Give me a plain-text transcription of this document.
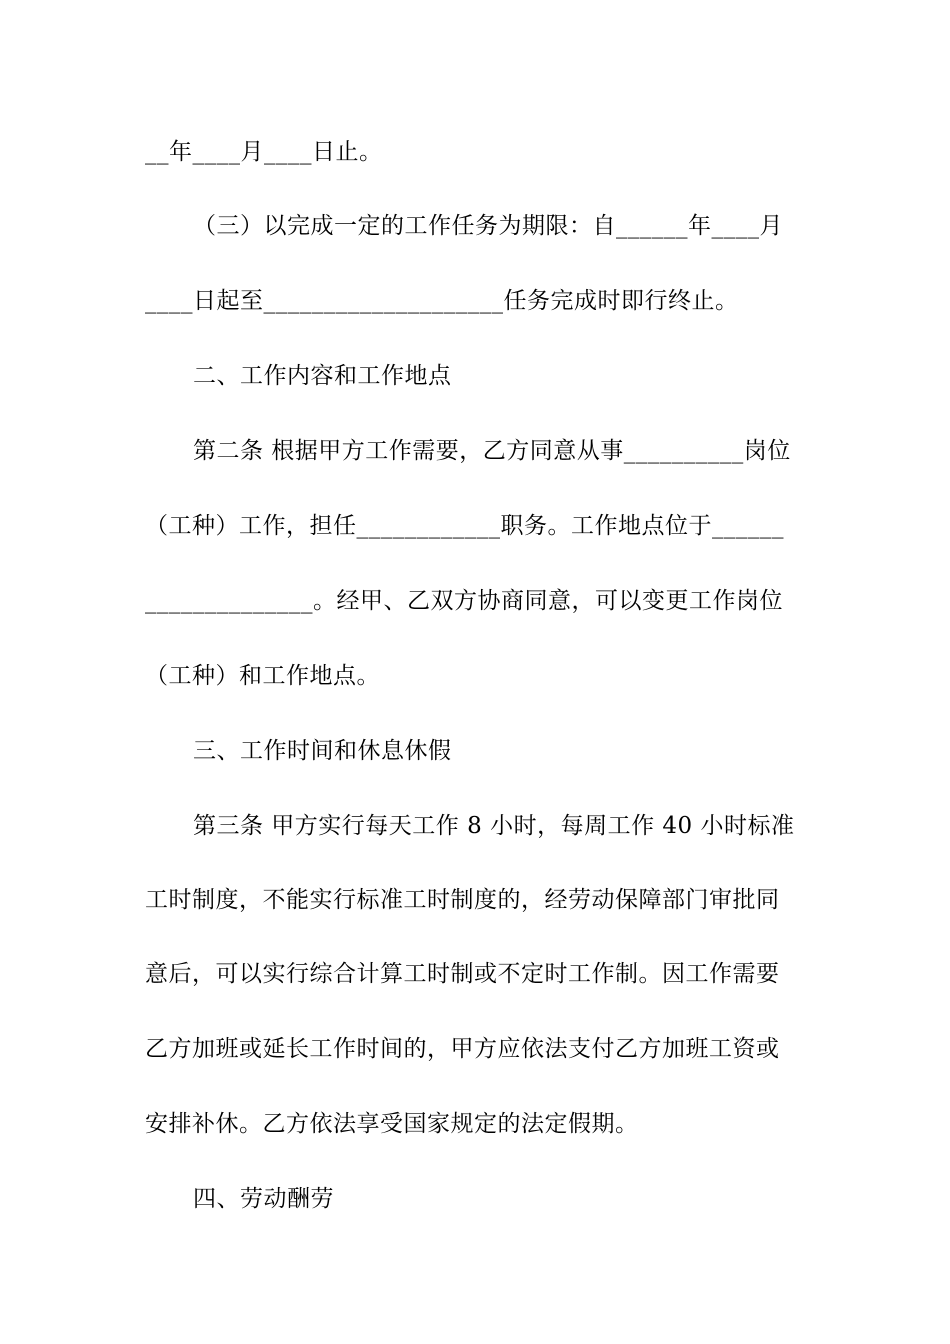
__年____月____日止。
（三）以完成一定的工作任务为期限：自______年____月
____日起至____________________任务完成时即行终止。
二、工作内容和工作地点
第二条 根据甲方工作需要，乙方同意从事__________岗位
（工种）工作，担任____________职务。工作地点位于______
______________。经甲、乙双方协商同意，可以变更工作岗位
（工种）和工作地点。
三、工作时间和休息休假
第三条 甲方实行每天工作 8 小时，每周工作 40 小时标准
工时制度，不能实行标准工时制度的，经劳动保障部门审批同
意后，可以实行综合计算工时制或不定时工作制。因工作需要
乙方加班或延长工作时间的，甲方应依法支付乙方加班工资或
安排补休。乙方依法享受国家规定的法定假期。
四、劳动酬劳
